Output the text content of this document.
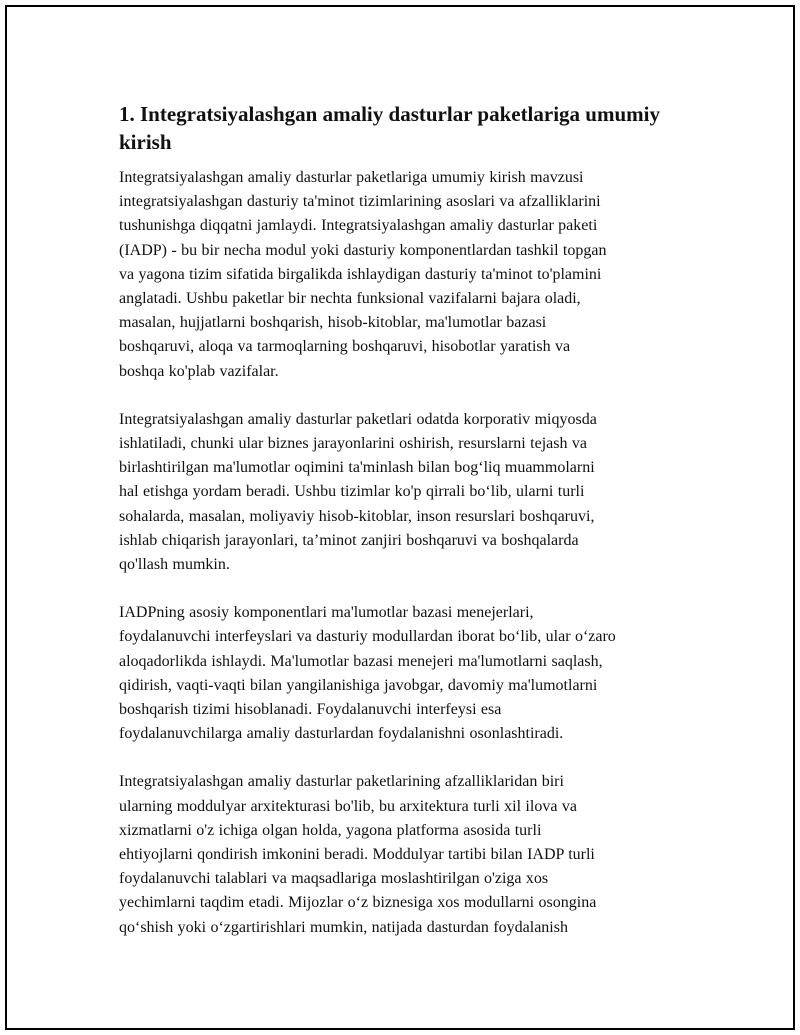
1. Integratsiyalashgan amaliy dasturlar paketlariga umumiy
kirish

Integratsiyalashgan amaliy dasturlar paketlariga umumiy kirish mavzusi
integratsiyalashgan dasturiy ta'minot tizimlarining asoslari va afzalliklarini
tushunishga diqqatni jamlaydi. Integratsiyalashgan amaliy dasturlar paketi
(IADP) - bu bir necha modul yoki dasturiy komponentlardan tashkil topgan
va yagona tizim sifatida birgalikda ishlaydigan dasturiy ta'minot to'plamini
anglatadi. Ushbu paketlar bir nechta funksional vazifalarni bajara oladi,
masalan, hujjatlarni boshqarish, hisob-kitoblar, ma'lumotlar bazasi
boshqaruvi, aloqa va tarmoqlarning boshqaruvi, hisobotlar yaratish va
boshqa ko'plab vazifalar.

Integratsiyalashgan amaliy dasturlar paketlari odatda korporativ miqyosda
ishlatiladi, chunki ular biznes jarayonlarini oshirish, resurslarni tejash va
birlashtirilgan ma'lumotlar oqimini ta'minlash bilan bog‘liq muammolarni
hal etishga yordam beradi. Ushbu tizimlar ko'p qirrali bo‘lib, ularni turli
sohalarda, masalan, moliyaviy hisob-kitoblar, inson resurslari boshqaruvi,
ishlab chiqarish jarayonlari, ta’minot zanjiri boshqaruvi va boshqalarda
qo'llash mumkin.

IADPning asosiy komponentlari ma'lumotlar bazasi menejerlari,
foydalanuvchi interfeyslari va dasturiy modullardan iborat bo‘lib, ular o‘zaro
aloqadorlikda ishlaydi. Ma'lumotlar bazasi menejeri ma'lumotlarni saqlash,
qidirish, vaqti-vaqti bilan yangilanishiga javobgar, davomiy ma'lumotlarni
boshqarish tizimi hisoblanadi. Foydalanuvchi interfeysi esa
foydalanuvchilarga amaliy dasturlardan foydalanishni osonlashtiradi.

Integratsiyalashgan amaliy dasturlar paketlarining afzalliklaridan biri
ularning moddulyar arxitekturasi bo'lib, bu arxitektura turli xil ilova va
xizmatlarni o'z ichiga olgan holda, yagona platforma asosida turli
ehtiyojlarni qondirish imkonini beradi. Moddulyar tartibi bilan IADP turli
foydalanuvchi talablari va maqsadlariga moslashtirilgan o'ziga xos
yechimlarni taqdim etadi. Mijozlar o‘z biznesiga xos modullarni osongina
qo‘shish yoki o‘zgartirishlari mumkin, natijada dasturdan foydalanish
